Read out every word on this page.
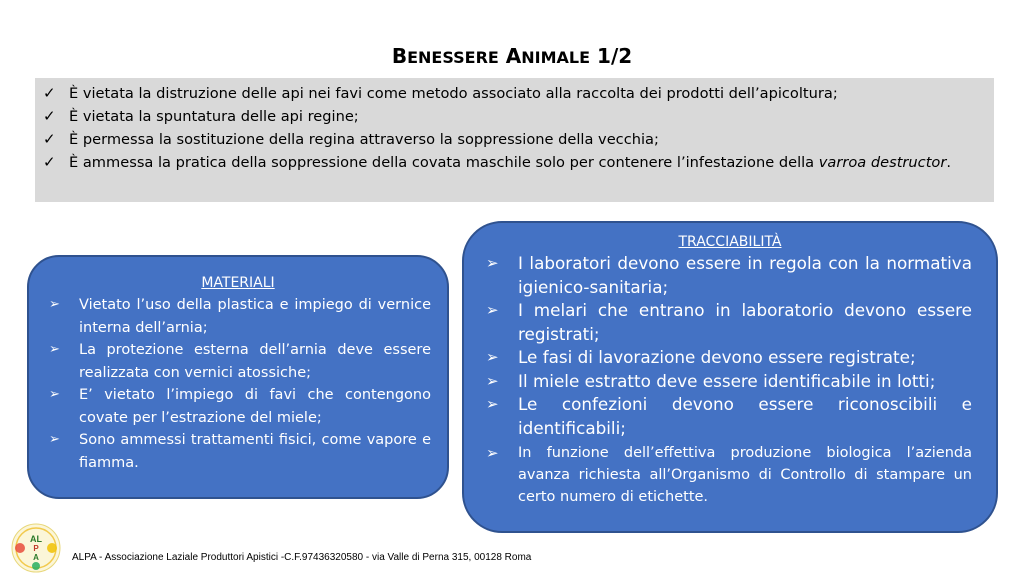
BENESSERE ANIMALE 1/2
✓ È vietata la distruzione delle api nei favi come metodo associato alla raccolta dei prodotti dell’apicoltura;
✓ È vietata la spuntatura delle api regine;
✓ È permessa la sostituzione della regina attraverso la soppressione della vecchia;
✓ È ammessa la pratica della soppressione della covata maschile solo per contenere l’infestazione della varroa destructor.
MATERIALI
➢ Vietato l’uso della plastica e impiego di vernice interna dell’arnia;
➢ La protezione esterna dell’arnia deve essere realizzata con vernici atossiche;
➢ E’ vietato l’impiego di favi che contengono covate per l’estrazione del miele;
➢ Sono ammessi trattamenti fisici, come vapore e fiamma.
TRACCIABILITÀ
➢ I laboratori devono essere in regola con la normativa igienico-sanitaria;
➢ I melari che entrano in laboratorio devono essere registrati;
➢ Le fasi di lavorazione devono essere registrate;
➢ Il miele estratto deve essere identificabile in lotti;
➢ Le confezioni devono essere riconoscibili e identificabili;
➢ In funzione dell’effettiva produzione biologica l’azienda avanza richiesta all’Organismo di Controllo di stampare un certo numero di etichette.
AL
P
A	ALPA - Associazione Laziale Produttori Apistici -C.F.97436320580 - via Valle di Perna 315, 00128 Roma
